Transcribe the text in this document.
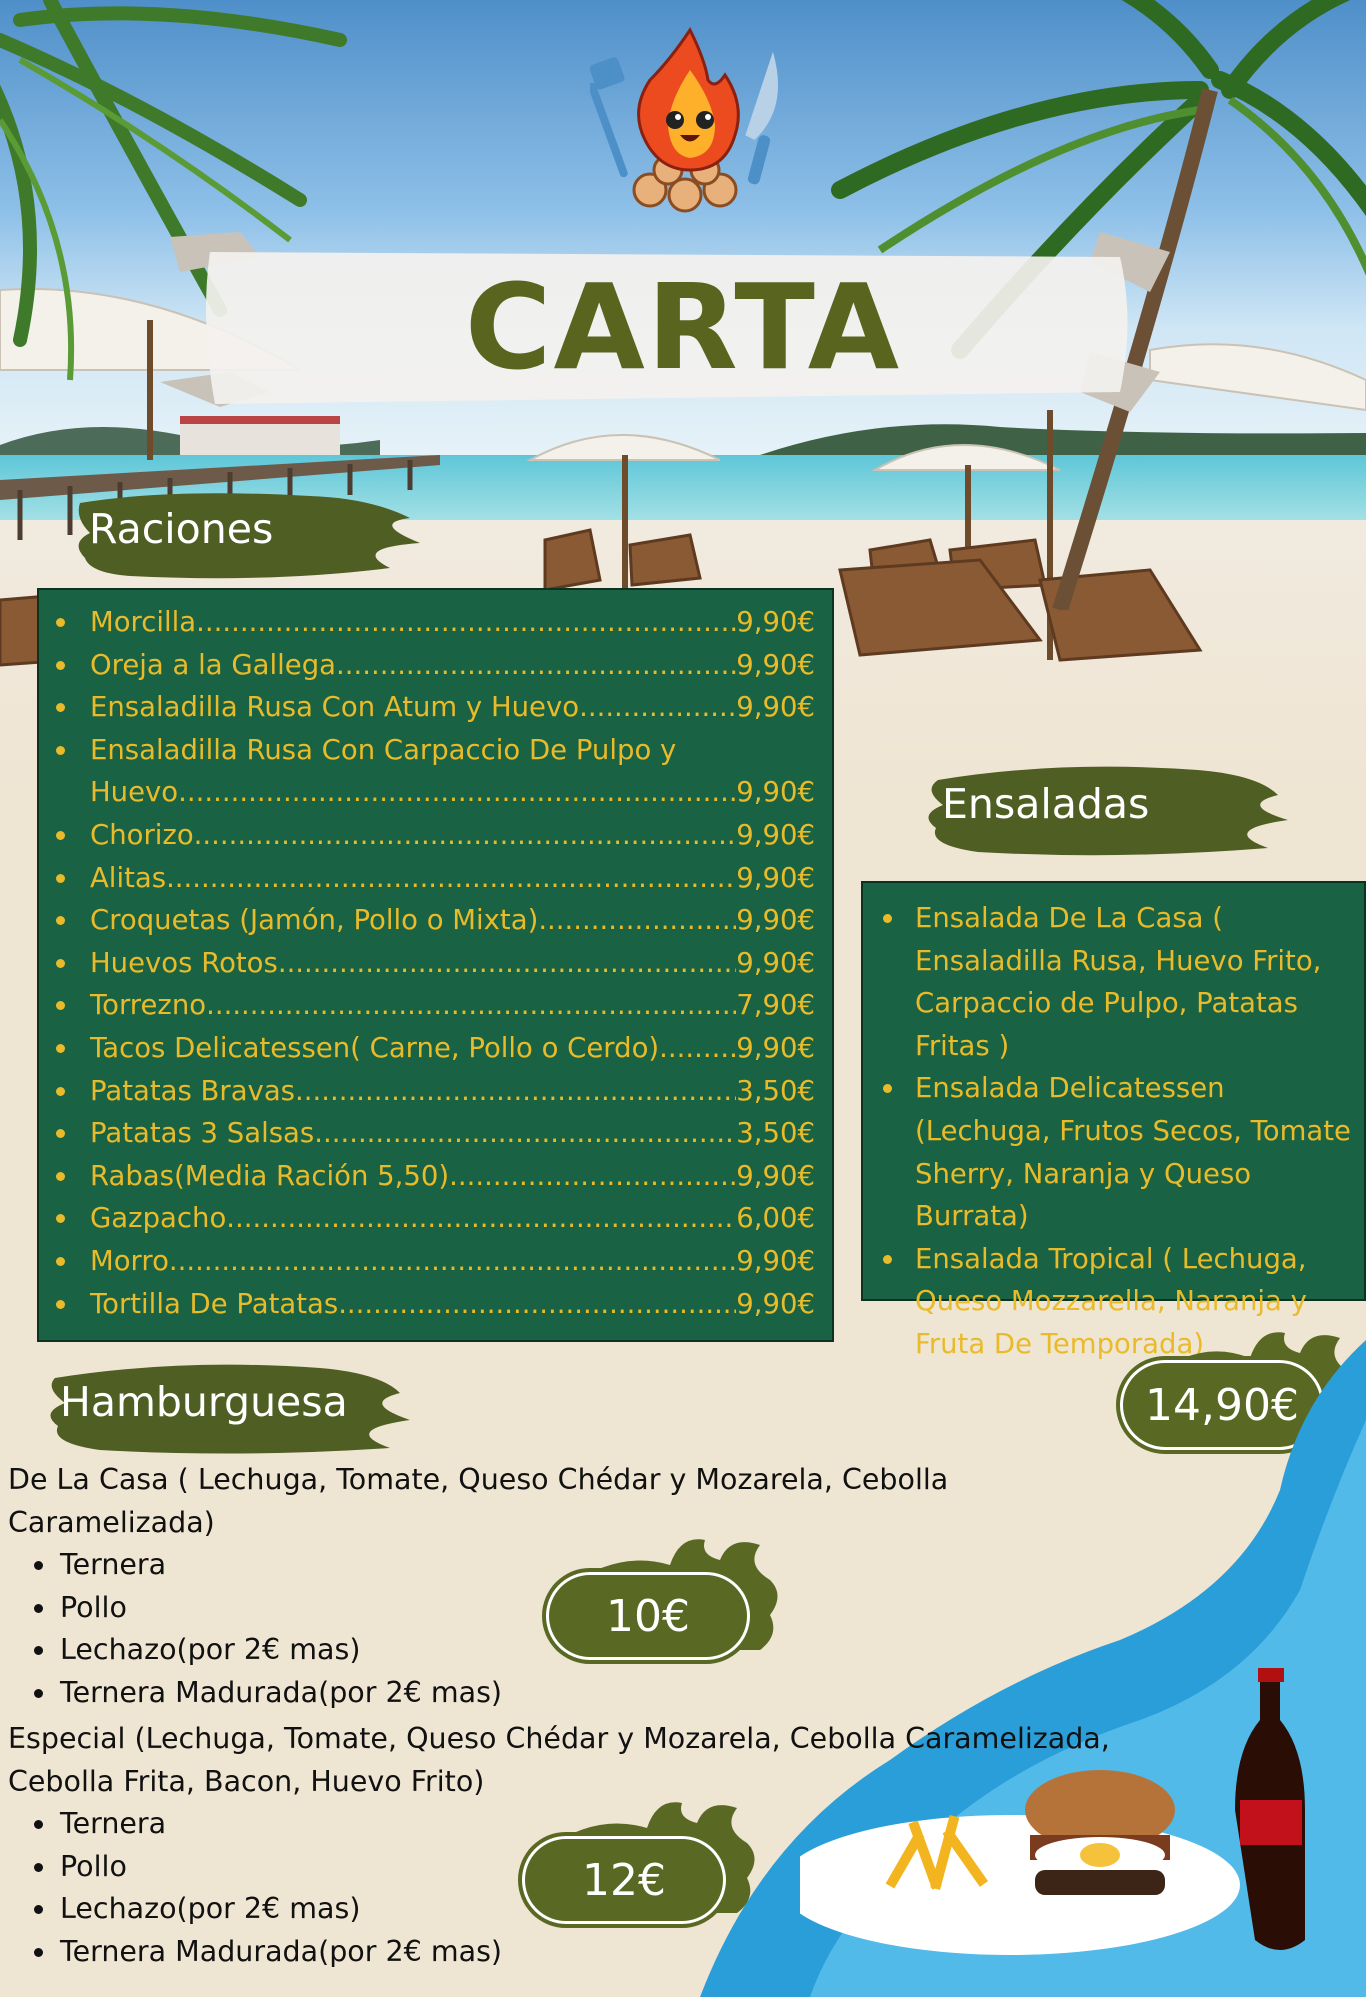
CARTA
Raciones
Morcilla .....	9,90€
Oreja a la Gallega .....	9,90€
Ensaladilla Rusa Con Atum y Huevo .....	9,90€
Ensaladilla Rusa Con Carpaccio De Pulpo y
Huevo .....	9,90€
Chorizo .....	9,90€
Alitas .....	9,90€
Croquetas (Jamón, Pollo o Mixta) .....	9,90€
Huevos Rotos .....	9,90€
Torrezno .....	7,90€
Tacos Delicatessen( Carne, Pollo o Cerdo) .....	9,90€
Patatas Bravas .....	3,50€
Patatas 3 Salsas .....	3,50€
Rabas(Media Ración 5,50) .....	9,90€
Gazpacho .....	6,00€
Morro .....	9,90€
Tortilla De Patatas .....	9,90€
Ensaladas
Ensalada De La Casa ( Ensaladilla Rusa, Huevo Frito, Carpaccio de Pulpo, Patatas Fritas )
Ensalada Delicatessen (Lechuga, Frutos Secos, Tomate Sherry, Naranja y Queso Burrata)
Ensalada Tropical ( Lechuga, Queso Mozzarella, Naranja y Fruta De Temporada)
14,90€
Hamburguesa
De La Casa ( Lechuga, Tomate, Queso Chédar y Mozarela, Cebolla Caramelizada)
Ternera
Pollo
Lechazo(por 2€ mas)
Ternera Madurada(por 2€ mas)
10€
Especial (Lechuga, Tomate, Queso Chédar y Mozarela, Cebolla Caramelizada,
Cebolla Frita, Bacon, Huevo Frito)
Ternera
Pollo
Lechazo(por 2€ mas)
Ternera Madurada(por 2€ mas)
12€
